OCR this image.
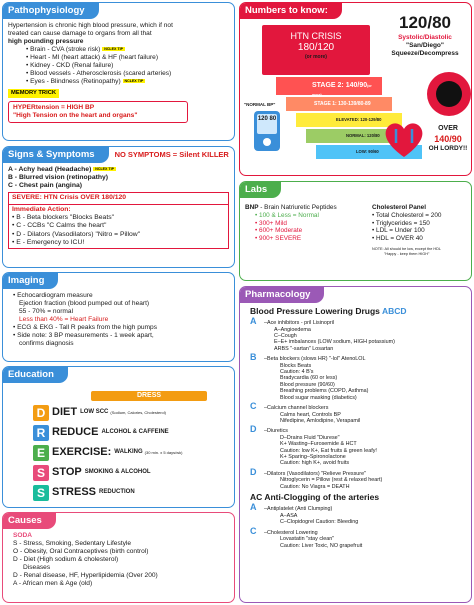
Pathophysiology
Hypertension is chronic high blood pressure, which if not
treated can cause damage to organs from all that
high pounding pressure
• Brain - CVA (stroke risk) NCLEX TIP
• Heart - MI (heart attack) & HF (heart failure)
• Kidney - CKD (Renal failure)
• Blood vessels - Atherosclerosis (scared arteries)
• Eyes - Blindness (Retinopathy) NCLEX TIP
MEMORY TRICK
HYPERtension = HIGH BP
"High Tension on the heart and organs"
Signs & Symptoms	NO SYMPTOMS = Silent KILLER
A - Achy head (Headache) NCLEX TIP
B - Blurred vision (retinopathy)
C - Chest pain (angina)
SEVERE: HTN Crisis OVER 180/120
Immediate Action:
• B - Beta blockers "Blocks Beats"
• C - CCBs "C Calms the heart"
• D - Dilators (Vasodilators) "Nitro = Pillow"
• E - Emergency to ICU!
Imaging
• Echocardiogram measure
Ejection fraction (blood pumped out of heart)
55 - 70% = normal
Less than 40% = Heart Failure
• ECG & EKG - Tall R peaks from the high pumps
• Side note: 3 BP measurements - 1 week apart,
confirms diagnosis
Education
DRESS
D DIET LOW SCC (Sodium, Calories, Cholesterol)
R REDUCE ALCOHOL & CAFFEINE
E EXERCISE: WALKING (30 min. x 5 days/wk)
S STOP SMOKING & ALCOHOL
S STRESS REDUCTION
Causes
SODA
S - Stress, Smoking, Sedentary Lifestyle
O - Obesity, Oral Contraceptives (birth control)
D - Diet (High sodium & cholesterol)
Diseases
D - Renal disease, HF, Hyperlipidemia (Over 200)
A - African men & Age (old)
Numbers to know:
120/80
Systolic/Diastolic
"San/Diego"
Squeeze/Decompress
HTN CRISIS
180/120
(or more)
STAGE 2: 140/90(or more)
STAGE 1: 130-139/80-89
ELEVATED: 120-129/80
NORMAL: 120/80
LOW: 90/60
"NORMAL BP"
120 80
OVER
140/90
OH LORDY!!
Labs
BNP - Brain Natriuretic Peptides
• 100 & Less = Normal
• 300+ Mild
• 600+ Moderate
• 900+ SEVERE
Cholesterol Panel
• Total Cholesterol = 200
• Triglycerides = 150
• LDL = Under 100
• HDL = OVER 40
NOTE: All should be low, except the HDL
"Happy - keep them HIGH"
Pharmacology
Blood Pressure Lowering Drugs ABCD
A –Ace inhibitors - pril Lisinopril
A–Angioedema
C–Cough
E–E+ imbalances (LOW sodium, HIGH potassium)
ARBS "-sartan" Losartan
B –Beta blockers (slows HR) "-lol" AtenoLOL
Blocks Beats
Caution: 4 B's
Bradycardia (60 or less)
Blood pressure (90/60)
Breathing problems (COPD, Asthma)
Blood sugar masking (diabetics)
C –Calcium channel blockers
Calms heart, Controls BP
Nifedipine, Amlodipine, Verapamil
D –Diuretics
D–Drains Fluid "Diurese"
K+ Wasting–Furosemide & HCT
Caution: low K+, Eat fruits & green leafy!
K+ Sparing–Spironolactone
Caution: high K+, avoid fruits
D –Dilators (Vasodilators) "Relieve Pressure"
Nitroglycerin = Pillow (rest & relaxed heart)
Caution: No Viagra = DEATH
AC Anti-Clogging of the arteries
A –Antiplatelet (Anti Clumping)
A–ASA
C–Clopidogrel Caution: Bleeding
C –Cholesterol Lowering
Lovastatin "stay clean"
Caution: Liver Toxic, NO grapefruit
